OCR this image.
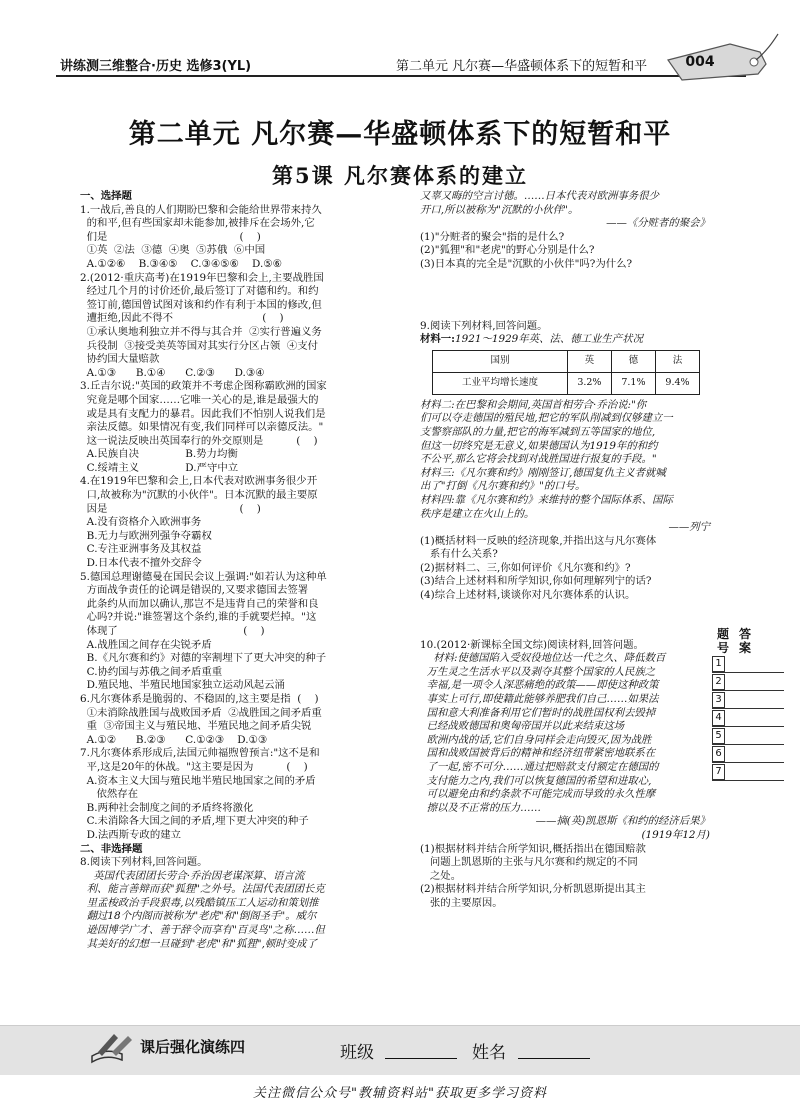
讲练测三维整合·历史 选修3(YL)	第二单元 凡尔赛—华盛顿体系下的短暂和平	004
第二单元 凡尔赛—华盛顿体系下的短暂和平
第5课 凡尔赛体系的建立

一、选择题

1.一战后,善良的人们期盼巴黎和会能给世界带来持久
的和平,但有些国家却未能参加,被排斥在会场外,它
们是                                        (    )
①英  ②法  ③德  ④奥  ⑤苏俄  ⑥中国
A.①②⑥    B.③④⑤    C.③④⑤⑥    D.⑤⑥

2.(2012·重庆高考)在1919年巴黎和会上,主要战胜国
经过几个月的讨价还价,最后签订了对德和约。和约
签订前,德国曾试图对该和约作有利于本国的修改,但
遭拒绝,因此不得不                           (    )
①承认奥地利独立并不得与其合并  ②实行普遍义务
兵役制  ③接受美英等国对其实行分区占领  ④支付
协约国大量赔款
A.①③      B.①④      C.②③      D.③④

3.丘吉尔说:"英国的政策并不考虑企图称霸欧洲的国家
究竟是哪个国家……它唯一关心的是,谁是最强大的
或是具有支配力的暴君。因此我们不怕别人说我们是
亲法反德。如果情况有变,我们同样可以亲德反法。"
这一说法反映出英国奉行的外交原则是          (    )
A.民族自决              B.势力均衡
C.绥靖主义              D.严守中立

4.在1919年巴黎和会上,日本代表对欧洲事务很少开
口,故被称为"沉默的小伙伴"。日本沉默的最主要原
因是                                        (    )
A.没有资格介入欧洲事务
B.无力与欧洲列强争夺霸权
C.专注亚洲事务及其权益
D.日本代表不擅外交辞令

5.德国总理谢德曼在国民会议上强调:"如若认为这种单
方面战争责任的论调是错误的,又要求德国去签署
此条约从而加以确认,那岂不是违背自己的荣誉和良
心吗?并说:"谁签署这个条约,谁的手就要烂掉。"这
体现了                                      (    )
A.战胜国之间存在尖锐矛盾
B.《凡尔赛和约》对德的宰割埋下了更大冲突的种子
C.协约国与苏俄之间矛盾重重
D.殖民地、半殖民地国家独立运动风起云涌

6.凡尔赛体系是脆弱的、不稳固的,这主要是指  (    )
①未消除战胜国与战败国矛盾  ②战胜国之间矛盾重
重  ③帝国主义与殖民地、半殖民地之间矛盾尖锐
A.①②      B.②③      C.①②③    D.①③

7.凡尔赛体系形成后,法国元帅福煦曾预言:"这不是和
平,这是20年的休战。"这主要是因为          (    )
A.资本主义大国与殖民地半殖民地国家之间的矛盾
依然存在
B.两种社会制度之间的矛盾终将激化
C.未消除各大国之间的矛盾,埋下更大冲突的种子
D.法西斯专政的建立

二、非选择题

8.阅读下列材料,回答问题。

英国代表团团长劳合·乔治因老谋深算、语言流
利、能言善辩而获"狐狸"之外号。法国代表团团长克
里孟梭政治手段狠毒,以残酷镇压工人运动和策划推
翻过18个内阁而被称为"老虎"和"倒阁圣手"。威尔
逊因博学广才、善于辞令而享有"百灵鸟"之称……但
其美好的幻想一旦碰到"老虎"和"狐狸",顿时变成了

又辜又晦的空言讨德。……日本代表对欧洲事务很少
开口,所以被称为"沉默的小伙伴"。

——《分赃者的聚会》

(1)"分赃者的聚会"指的是什么?
(2)"狐狸"和"老虎"的野心分别是什么?
(3)日本真的完全是"沉默的小伙伴"吗?为什么?

9.阅读下列材料,回答问题。

材料一:1921～1929年英、法、德工业生产状况

国别	英	德	法
工业平均增长速度	3.2%	7.1%	9.4%

材料二:在巴黎和会期间,英国首相劳合·乔治说:"你
们可以夺走德国的殖民地,把它的军队削减到仅够建立一
支警察部队的力量,把它的海军减到五等国家的地位,
但这一切终究是无意义,如果德国认为1919年的和约
不公平,那么它将会找到对战胜国进行报复的手段。"
材料三:《凡尔赛和约》刚刚签订,德国复仇主义者就喊
出了"打倒《凡尔赛和约》"的口号。
材料四:靠《凡尔赛和约》来维持的整个国际体系、国际
秩序是建立在火山上的。

——列宁

(1)概括材料一反映的经济现象,并指出这与凡尔赛体
系有什么关系?
(2)据材料二、三,你如何评价《凡尔赛和约》?
(3)结合上述材料和所学知识,你如何理解列宁的话?
(4)综合上述材料,谈谈你对凡尔赛体系的认识。

10.(2012·新课标全国文综)阅读材料,回答问题。

材料:使德国陷入受奴役地位达一代之久、降低数百
万生灵之生活水平以及剥夺其整个国家的人民族之
幸福,是一项令人深恶痛绝的政策——即使这种政策
事实上可行,即使籍此能够养肥我们自己……如果法
国和意大利准备利用它们暂时的战胜国权利去毁掉
已经战败德国和奥匈帝国并以此来结束这场
欧洲内战的话,它们自身同样会走向毁灭,因为战胜
国和战败国被背后的精神和经济纽带紧密地联系在
了一起,密不可分……通过把赔款支付额定在德国的
支付能力之内,我们可以恢复德国的希望和进取心,
可以避免由和约条款不可能完成而导致的永久性摩
擦以及不正常的压力……

——摘(英)凯恩斯《和约的经济后果》
(1919年12月)

(1)根据材料并结合所学知识,概括指出在德国赔款
问题上凯恩斯的主张与凡尔赛和约规定的不同
之处。
(2)根据材料并结合所学知识,分析凯恩斯提出其主
张的主要原因。

题
号
答
案
1
2
3
4
5
6
7
课后强化演练四	班级	姓名
关注微信公众号"教辅资料站"获取更多学习资料
